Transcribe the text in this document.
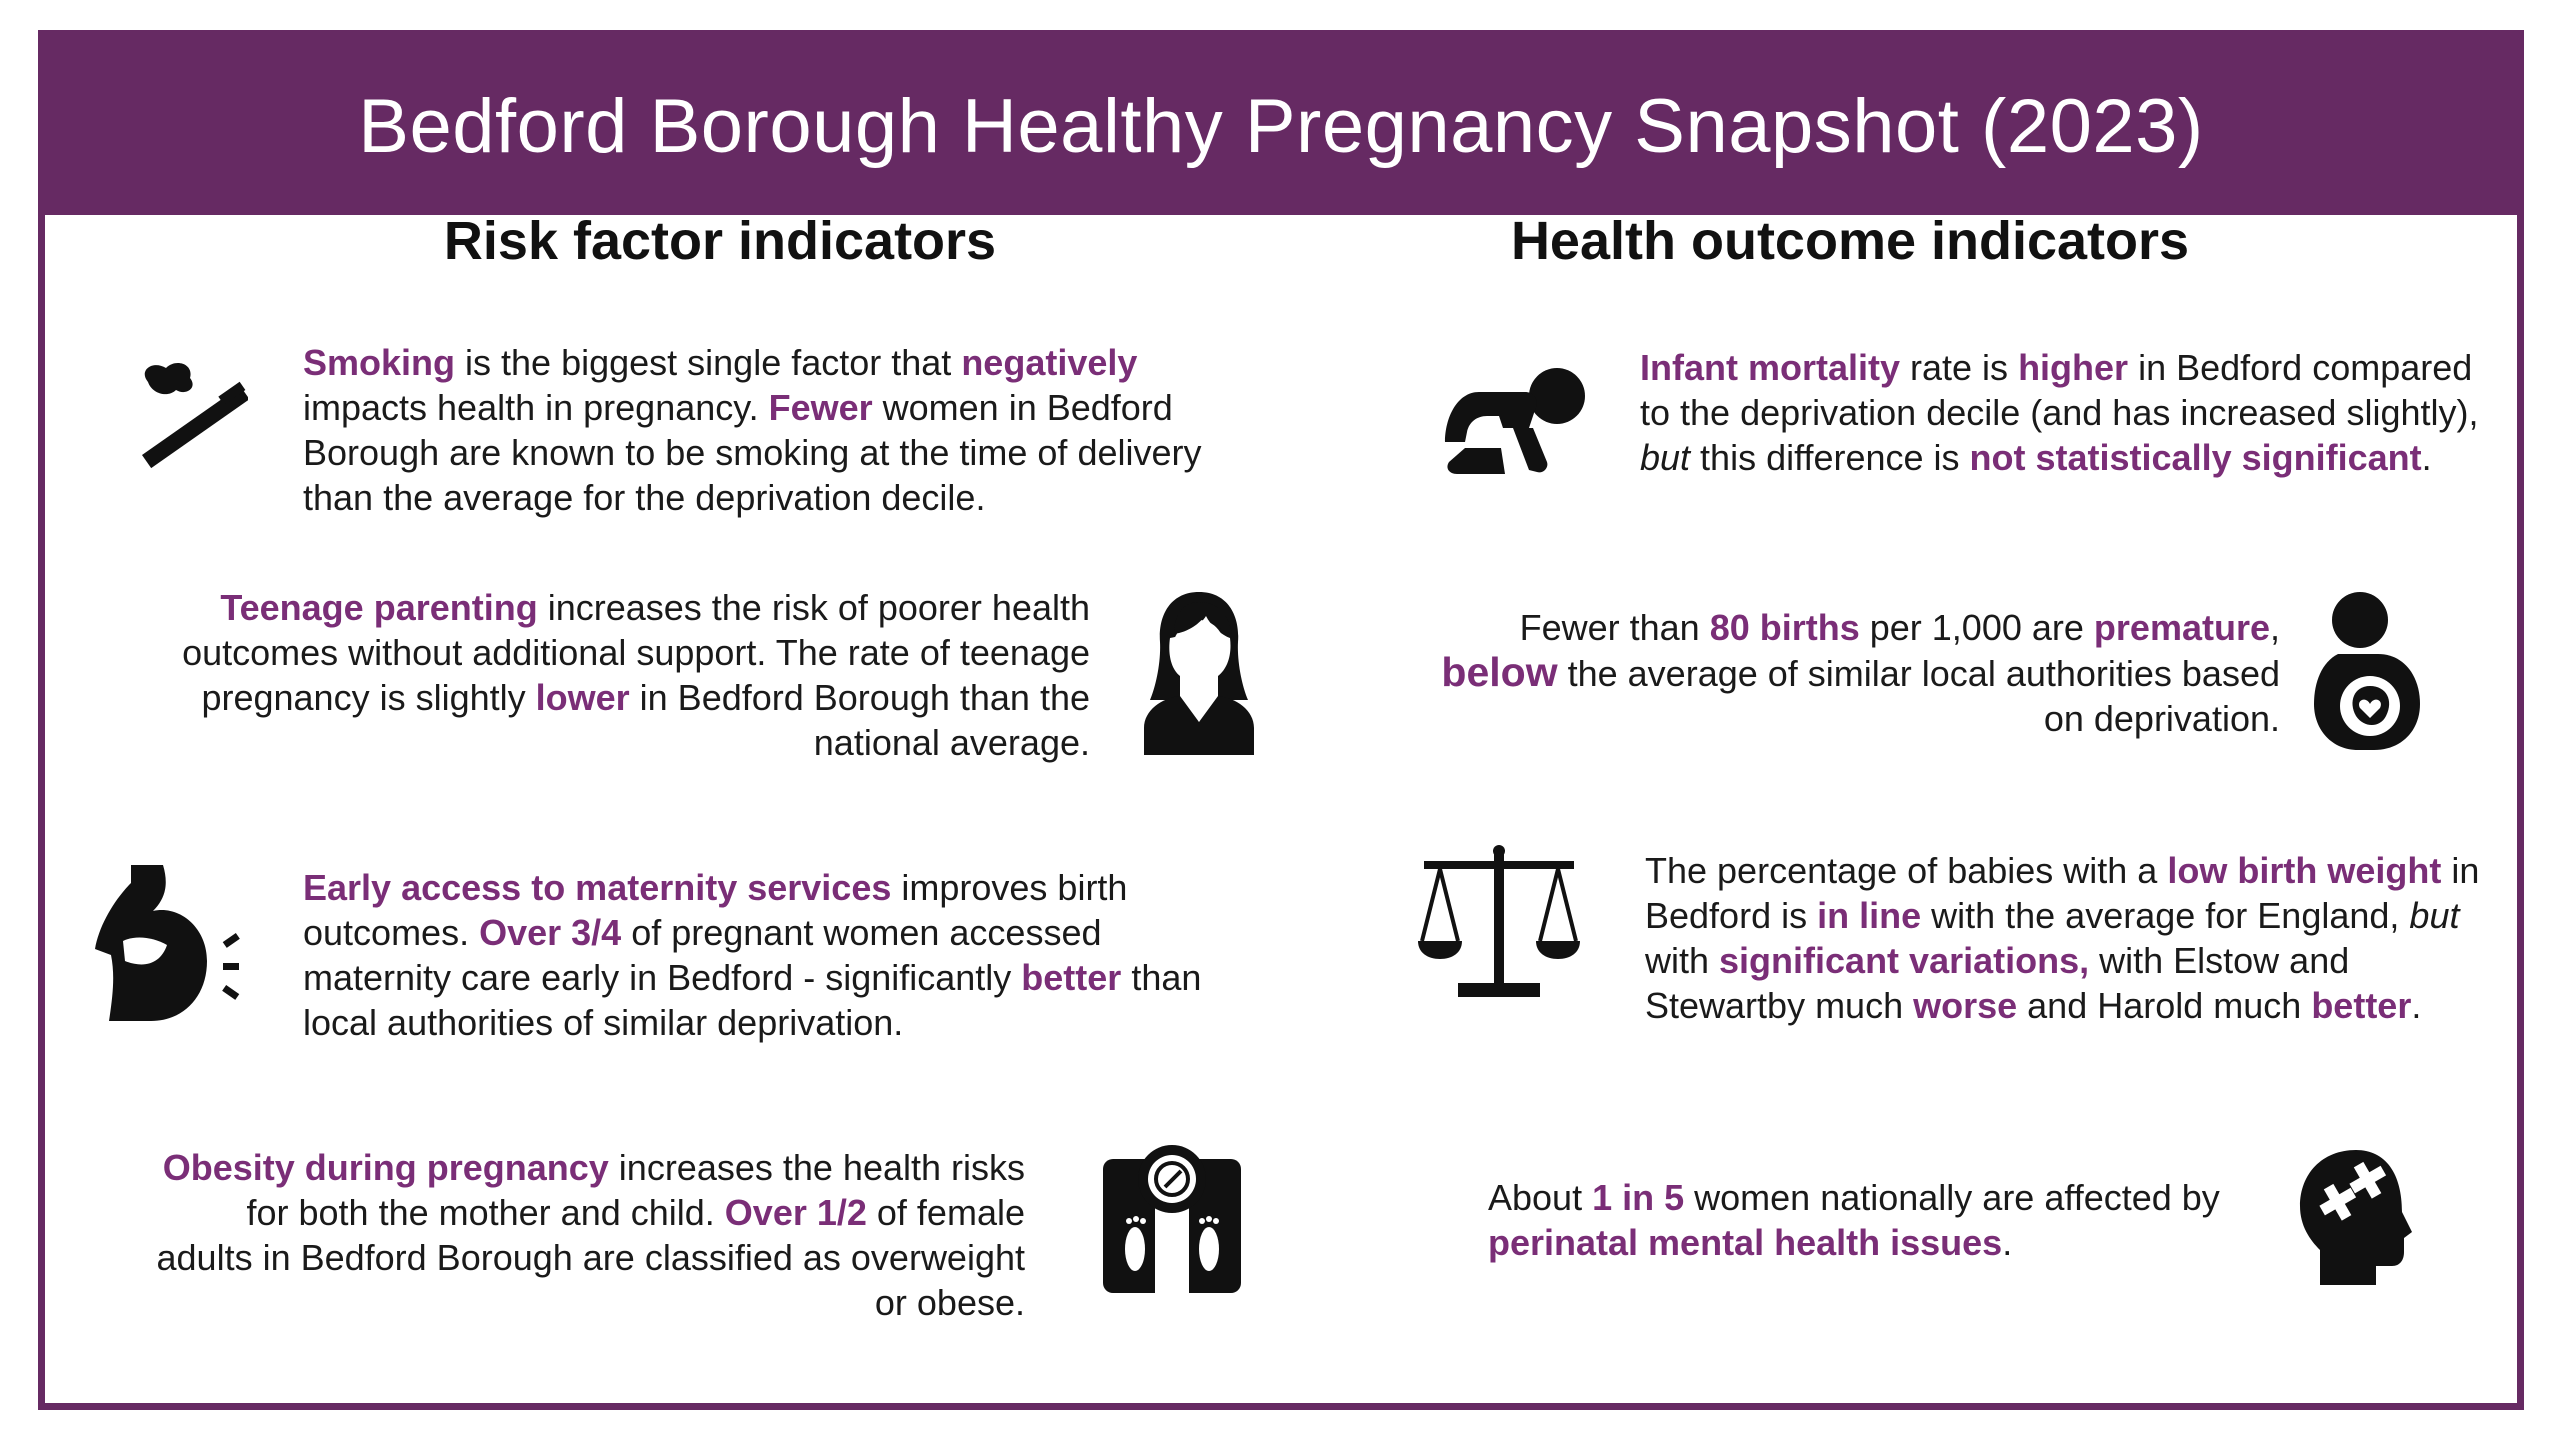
Bedford Borough Healthy Pregnancy Snapshot (2023)
Risk factor indicators	Health outcome indicators
Smoking is the biggest single factor that negatively impacts health in pregnancy. Fewer women in Bedford Borough are known to be smoking at the time of delivery than the average for the deprivation decile.
Teenage parenting increases the risk of poorer health outcomes without additional support. The rate of teenage pregnancy is slightly lower in Bedford Borough than the national average.
Early access to maternity services improves birth outcomes. Over 3/4 of pregnant women accessed maternity care early in Bedford - significantly better than local authorities of similar deprivation.
Obesity during pregnancy increases the health risks for both the mother and child. Over 1/2 of female adults in Bedford Borough are classified as overweight or obese.
Infant mortality rate is higher in Bedford compared to the deprivation decile (and has increased slightly), but this difference is not statistically significant.
Fewer than 80 births per 1,000 are premature,
below the average of similar local authorities based on deprivation.
The percentage of babies with a low birth weight in Bedford is in line with the average for England, but with significant variations, with Elstow and Stewartby much worse and Harold much better.
About 1 in 5 women nationally are affected by
perinatal mental health issues.
